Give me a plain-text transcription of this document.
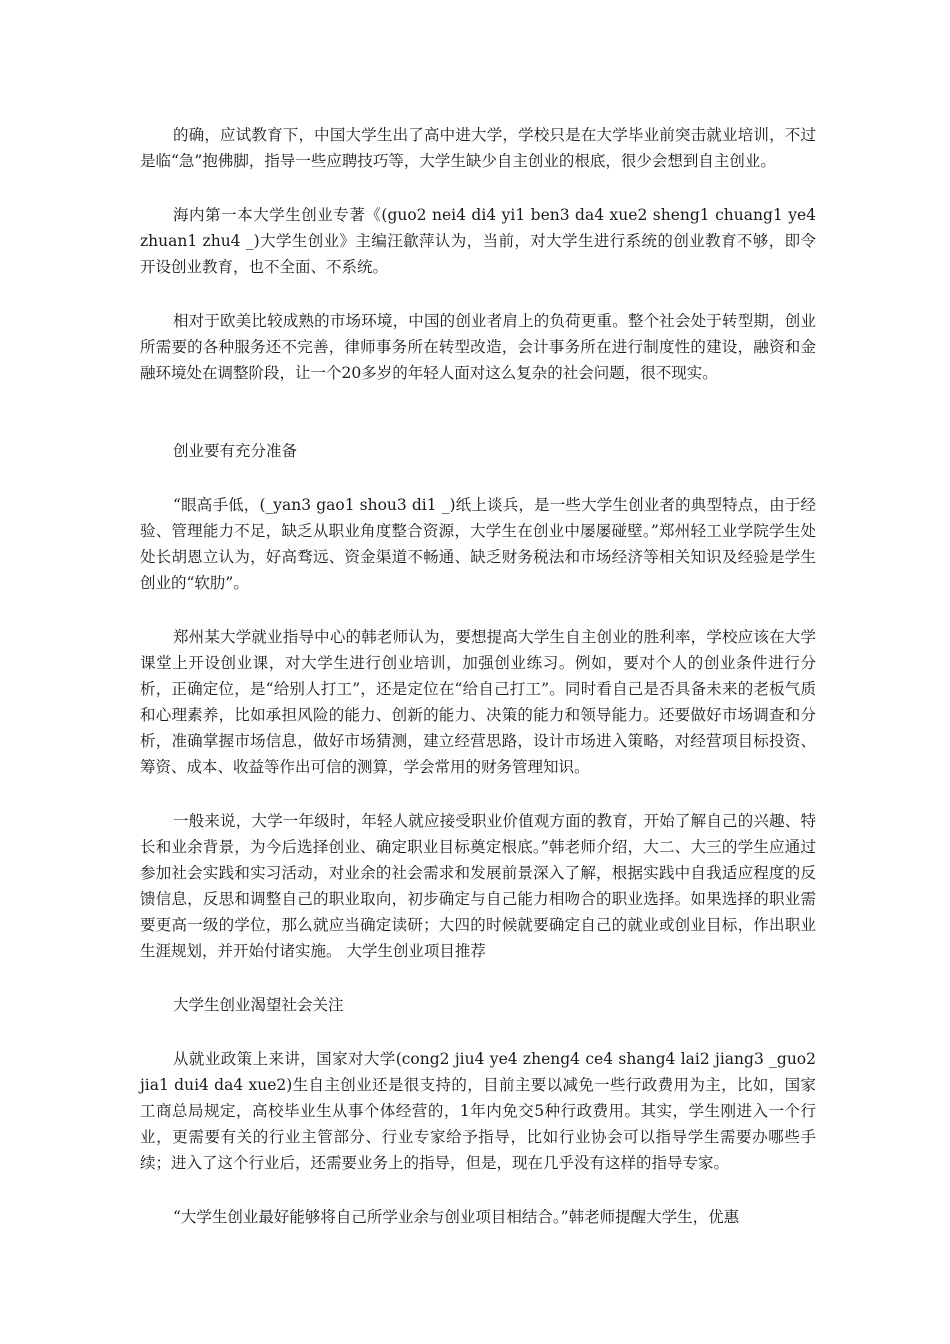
的确，应试教育下，中国大学生出了高中进大学，学校只是在大学毕业前突击就业培训，不过是临“急”抱佛脚，指导一些应聘技巧等，大学生缺少自主创业的根底，很少会想到自主创业。

海内第一本大学生创业专著《(guo2 nei4 di4 yi1 ben3 da4 xue2 sheng1 chuang1 ye4 zhuan1 zhu4 _)大学生创业》主编汪歙萍认为，当前，对大学生进行系统的创业教育不够，即令开设创业教育，也不全面、不系统。

相对于欧美比较成熟的市场环境，中国的创业者肩上的负荷更重。整个社会处于转型期，创业所需要的各种服务还不完善，律师事务所在转型改造，会计事务所在进行制度性的建设，融资和金融环境处在调整阶段，让一个20多岁的年轻人面对这么复杂的社会问题，很不现实。

创业要有充分准备

“眼高手低，(_yan3 gao1 shou3 di1 _)纸上谈兵，是一些大学生创业者的典型特点，由于经验、管理能力不足，缺乏从职业角度整合资源，大学生在创业中屡屡碰壁。”郑州轻工业学院学生处处长胡恩立认为，好高骛远、资金渠道不畅通、缺乏财务税法和市场经济等相关知识及经验是学生创业的“软肋”。

郑州某大学就业指导中心的韩老师认为，要想提高大学生自主创业的胜利率，学校应该在大学课堂上开设创业课，对大学生进行创业培训，加强创业练习。例如，要对个人的创业条件进行分析，正确定位，是“给别人打工”，还是定位在“给自己打工”。同时看自己是否具备未来的老板气质和心理素养，比如承担风险的能力、创新的能力、决策的能力和领导能力。还要做好市场调查和分析，准确掌握市场信息，做好市场猜测，建立经营思路，设计市场进入策略，对经营项目标投资、筹资、成本、收益等作出可信的测算，学会常用的财务管理知识。

一般来说，大学一年级时，年轻人就应接受职业价值观方面的教育，开始了解自己的兴趣、特长和业余背景，为今后选择创业、确定职业目标奠定根底。”韩老师介绍，大二、大三的学生应通过参加社会实践和实习活动，对业余的社会需求和发展前景深入了解，根据实践中自我适应程度的反馈信息，反思和调整自己的职业取向，初步确定与自己能力相吻合的职业选择。如果选择的职业需要更高一级的学位，那么就应当确定读研；大四的时候就要确定自己的就业或创业目标，作出职业生涯规划，并开始付诸实施。 大学生创业项目推荐

大学生创业渴望社会关注

从就业政策上来讲，国家对大学(cong2 jiu4 ye4 zheng4 ce4 shang4 lai2 jiang3 _guo2 jia1 dui4 da4 xue2)生自主创业还是很支持的，目前主要以减免一些行政费用为主，比如，国家工商总局规定，高校毕业生从事个体经营的，1年内免交5种行政费用。其实，学生刚进入一个行业，更需要有关的行业主管部分、行业专家给予指导，比如行业协会可以指导学生需要办哪些手续；进入了这个行业后，还需要业务上的指导，但是，现在几乎没有这样的指导专家。

“大学生创业最好能够将自己所学业余与创业项目相结合。”韩老师提醒大学生，优惠
